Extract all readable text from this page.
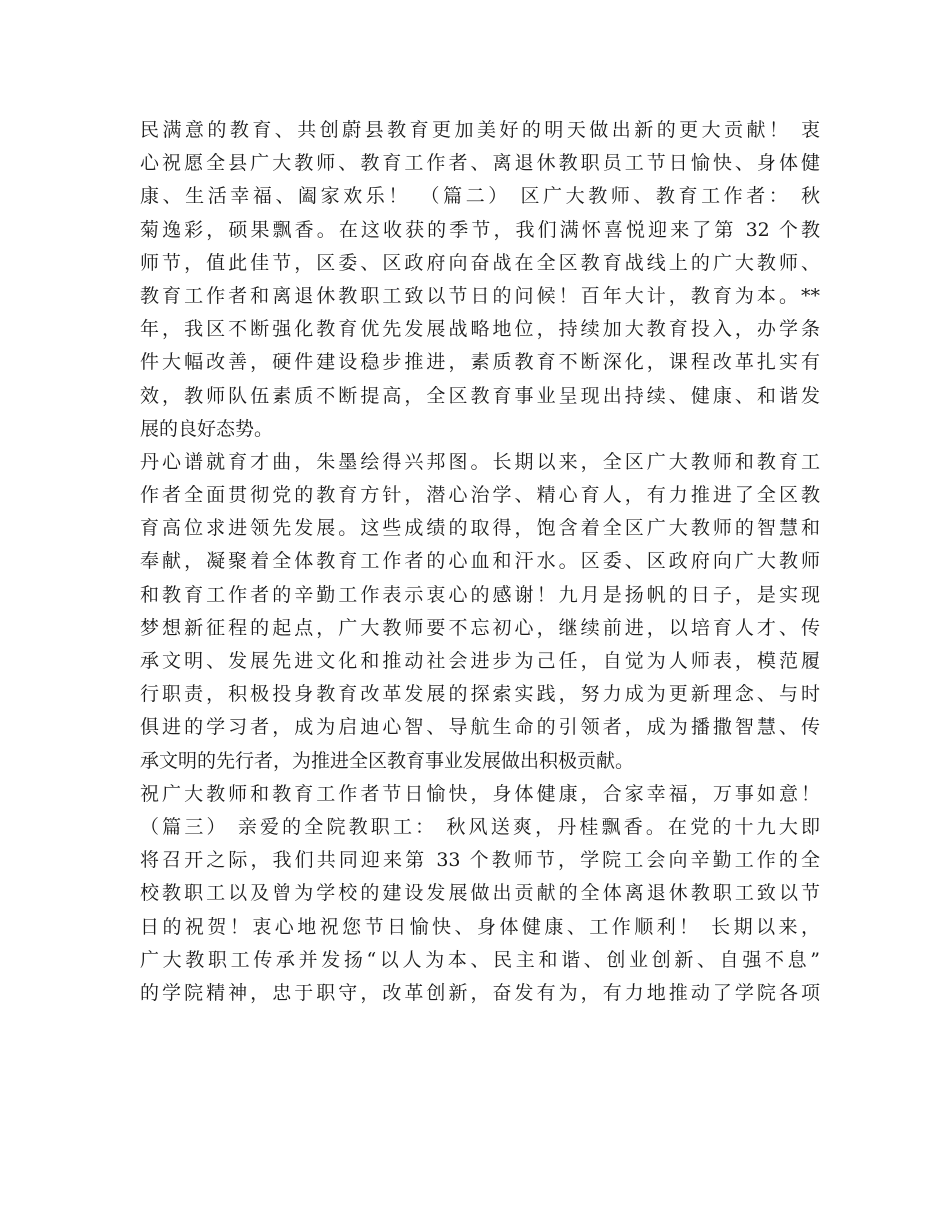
民满意的教育、共创蔚县教育更加美好的明天做出新的更大贡献！ 衷
心祝愿全县广大教师、教育工作者、离退休教职员工节日愉快、身体健
康、生活幸福、阖家欢乐！ （篇二） 区广大教师、教育工作者： 秋
菊逸彩，硕果飘香。在这收获的季节，我们满怀喜悦迎来了第 32 个教
师节，值此佳节，区委、区政府向奋战在全区教育战线上的广大教师、
教育工作者和离退休教职工致以节日的问候！百年大计，教育为本。**
年，我区不断强化教育优先发展战略地位，持续加大教育投入，办学条
件大幅改善，硬件建设稳步推进，素质教育不断深化，课程改革扎实有
效，教师队伍素质不断提高，全区教育事业呈现出持续、健康、和谐发
展的良好态势。
丹心谱就育才曲，朱墨绘得兴邦图。长期以来，全区广大教师和教育工
作者全面贯彻党的教育方针，潜心治学、精心育人，有力推进了全区教
育高位求进领先发展。这些成绩的取得，饱含着全区广大教师的智慧和
奉献，凝聚着全体教育工作者的心血和汗水。区委、区政府向广大教师
和教育工作者的辛勤工作表示衷心的感谢！九月是扬帆的日子，是实现
梦想新征程的起点，广大教师要不忘初心，继续前进，以培育人才、传
承文明、发展先进文化和推动社会进步为己任，自觉为人师表，模范履
行职责，积极投身教育改革发展的探索实践，努力成为更新理念、与时
俱进的学习者，成为启迪心智、导航生命的引领者，成为播撒智慧、传
承文明的先行者，为推进全区教育事业发展做出积极贡献。
祝广大教师和教育工作者节日愉快，身体健康，合家幸福，万事如意！
（篇三） 亲爱的全院教职工： 秋风送爽，丹桂飘香。在党的十九大即
将召开之际，我们共同迎来第 33 个教师节，学院工会向辛勤工作的全
校教职工以及曾为学校的建设发展做出贡献的全体离退休教职工致以节
日的祝贺！衷心地祝您节日愉快、身体健康、工作顺利！ 长期以来，
广大教职工传承并发扬“以人为本、民主和谐、创业创新、自强不息”
的学院精神，忠于职守，改革创新，奋发有为，有力地推动了学院各项
